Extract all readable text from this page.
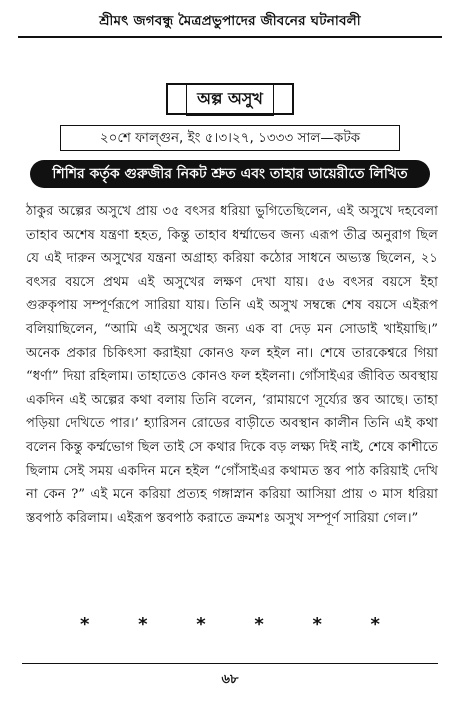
শ্রীমৎ জগবন্ধু মৈত্রপ্রভুপাদের জীবনের ঘটনাবলী
অল্প অসুখ
২০শে ফাল্গুন, ইং ৫।৩।২৭, ১৩৩৩ সাল—কটক
শিশির কর্তৃক গুরুজীর নিকট শ্রুত এবং তাহার ডায়েরীতে লিখিত

ঠাকুর অল্পের অসুখে প্রায় ৩৫ বৎসর ধরিয়া ভুগিতেছিলেন, এই অসুখে দহবেলা তাহাব অশেষ যন্ত্রণা হহত, কিন্তু তাহাব ধর্ম্মাভেব জন্য এরূপ তীব্র অনুরাগ ছিল যে এই দারুন অসুখের যন্ত্রনা অগ্রাহ্য করিয়া কঠোর সাধনে অভ্যস্ত ছিলেন, ২১ বৎসর বয়সে প্রথম এই অসুখের লক্ষণ দেখা যায়। ৫৬ বৎসর বয়সে ইহা গুরুকৃপায় সম্পূর্ণরূপে সারিয়া যায়। তিনি এই অসুখ সম্বন্ধে শেষ বয়সে এইরূপ বলিয়াছিলেন, “আমি এই অসুখের জন্য এক বা দেড় মন সোডাই খাইয়াছি।” অনেক প্রকার চিকিৎসা করাইয়া কোনও ফল হইল না। শেষে তারকেশ্বরে গিয়া “ধর্ণা” দিয়া রহিলাম। তাহাতেও কোনও ফল হইলনা। গোঁসাইএর জীবিত অবস্থায় একদিন এই অল্পের কথা বলায় তিনি বলেন, ‘রামায়ণে সূর্য্যের স্তব আছে। তাহা পড়িয়া দেখিতে পার।’ হ্যারিসন রোডের বাড়ীতে অবস্থান কালীন তিনি এই কথা বলেন কিন্তু কর্ম্মভোগ ছিল তাই সে কথার দিকে বড় লক্ষ্য দিই নাই, শেষে কাশীতে ছিলাম সেই সময় একদিন মনে হইল “গোঁসাইএর কথামত স্তব পাঠ করিয়াই দেখি না কেন ?” এই মনে করিয়া প্রত্যহ গঙ্গাস্নান করিয়া আসিয়া প্রায় ৩ মাস ধরিয়া স্তবপাঠ করিলাম। এইরূপ স্তবপাঠ করাতে ক্রমশঃ অসুখ সম্পূর্ণ সারিয়া গেল।”

*	*	*	*	*	*
৬৮
